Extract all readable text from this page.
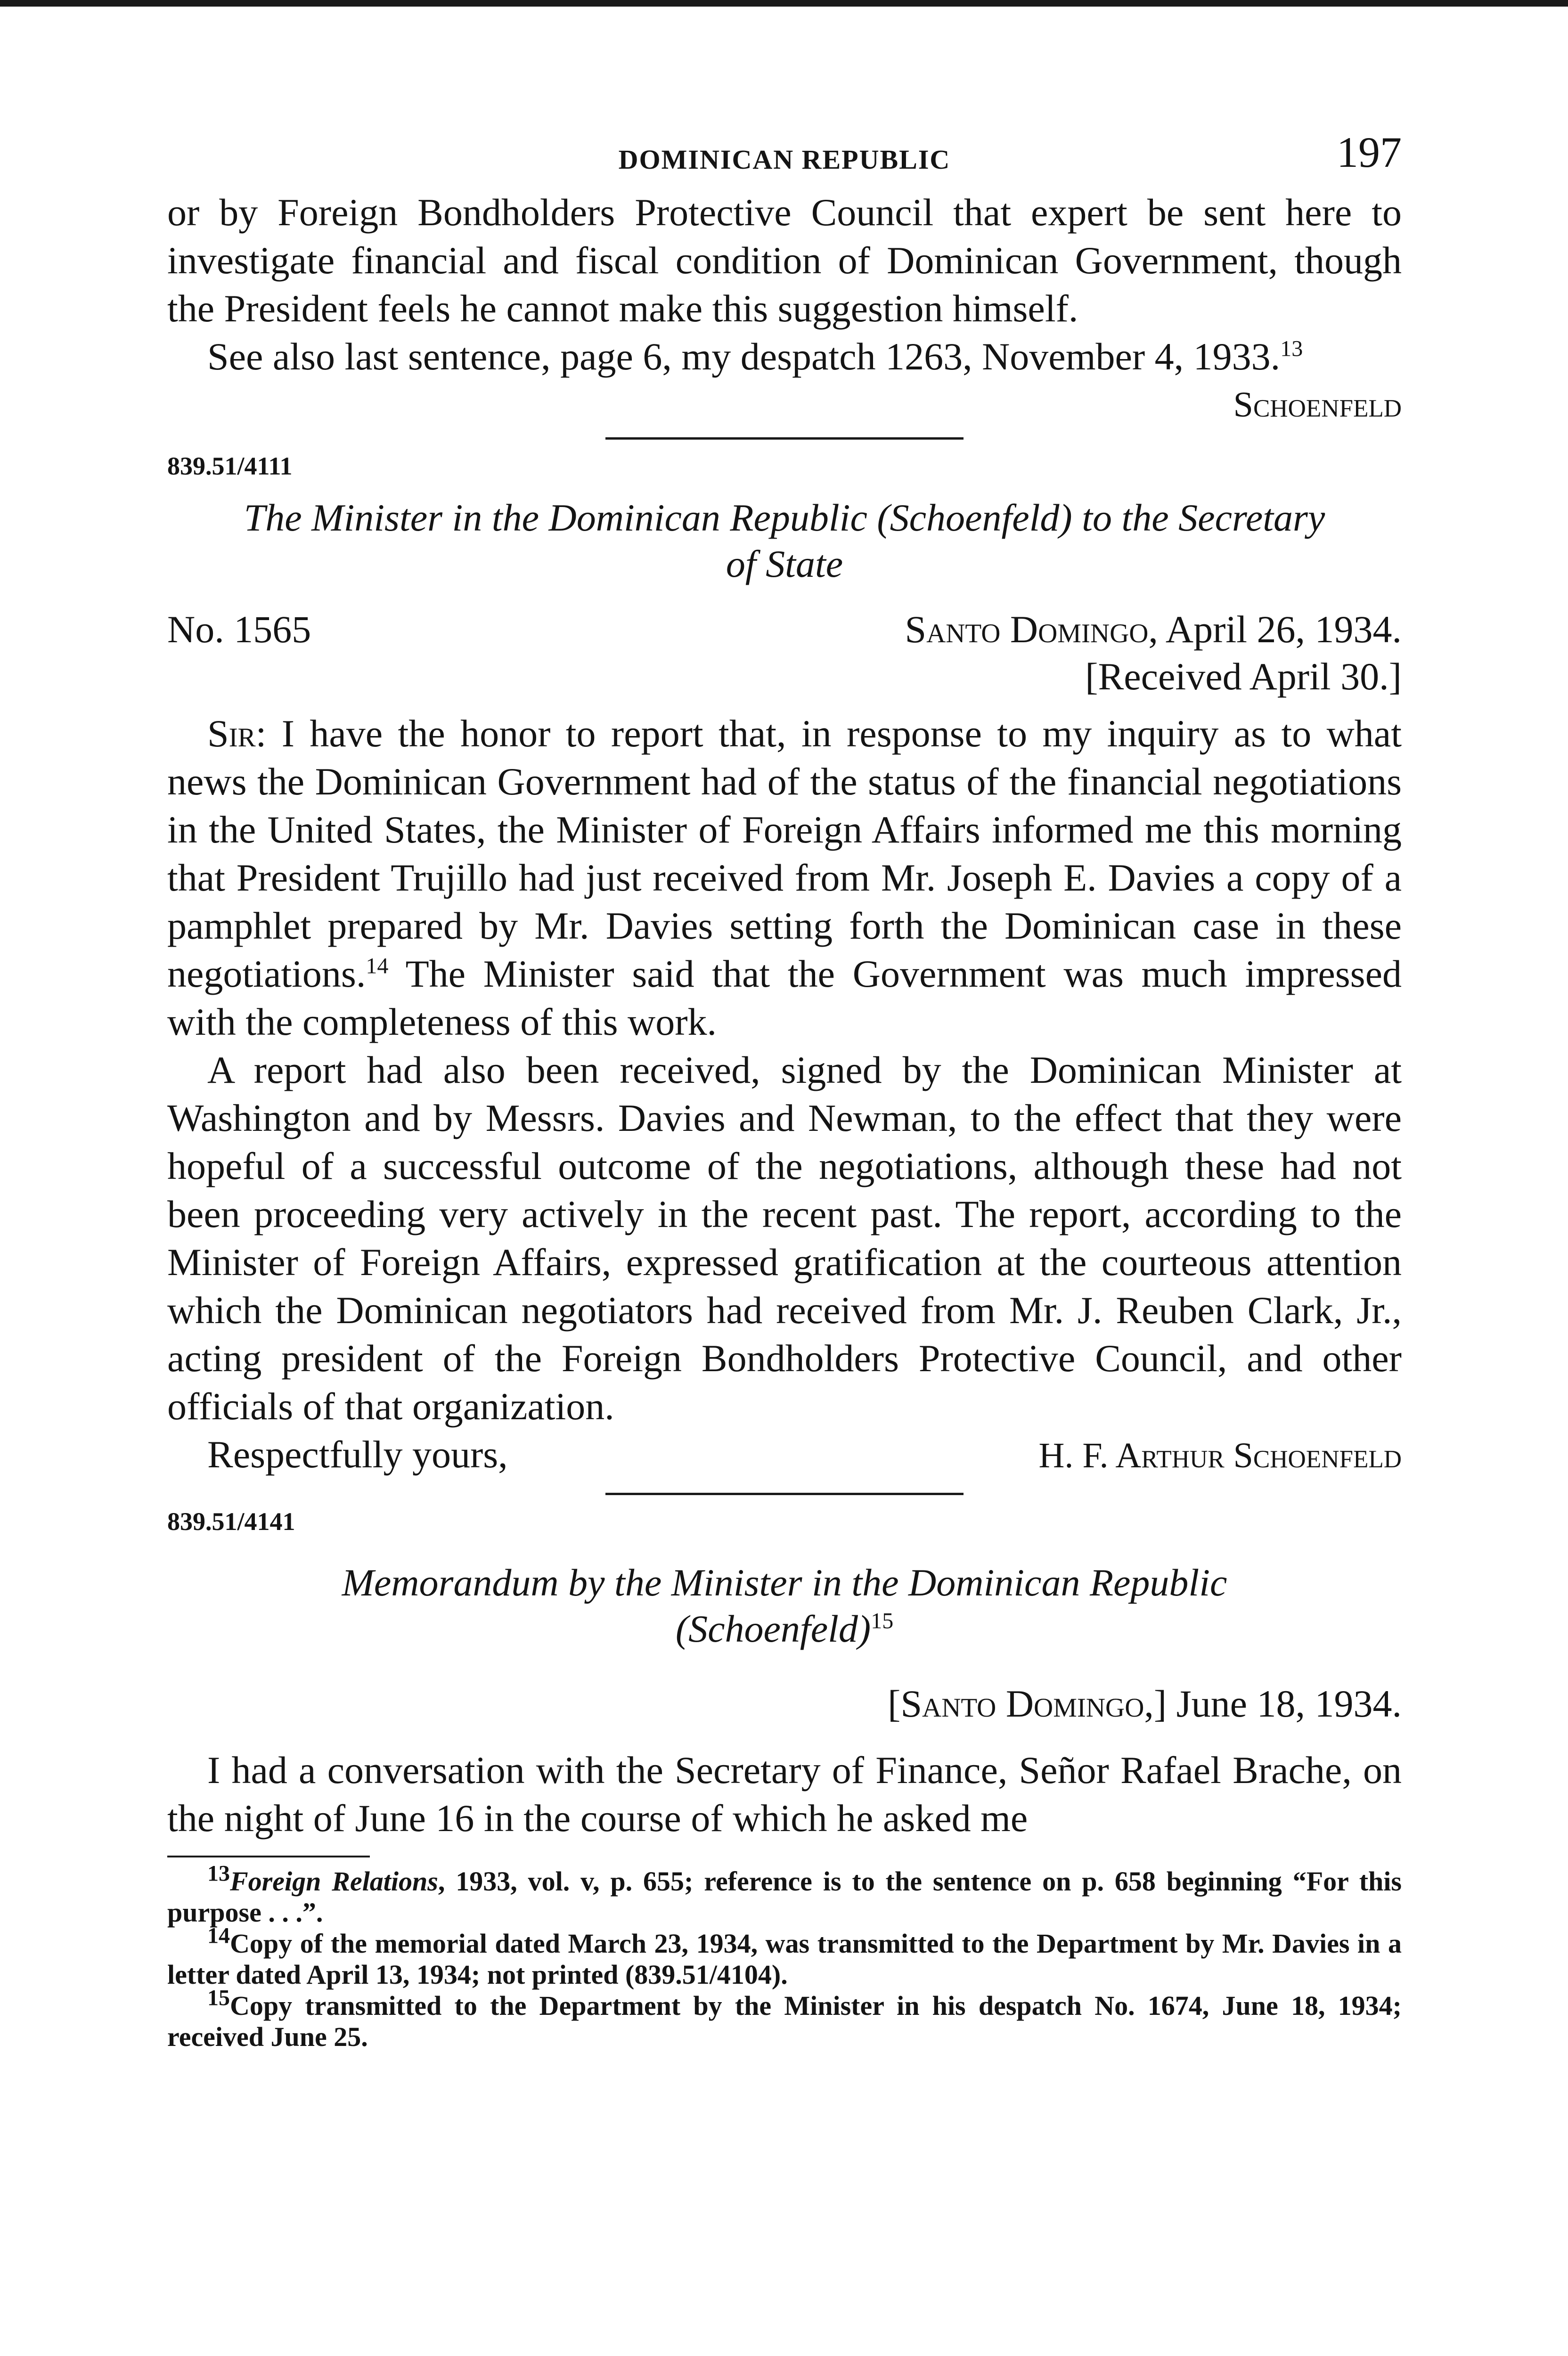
DOMINICAN REPUBLIC	197

or by Foreign Bondholders Protective Council that expert be sent here to investigate financial and fiscal condition of Dominican Government, though the President feels he cannot make this suggestion himself.

See also last sentence, page 6, my despatch 1263, November 4, 1933.13

Schoenfeld

839.51/4111

The Minister in the Dominican Republic (Schoenfeld) to the Secretary
of State

No. 1565	Santo Domingo, April 26, 1934.
[Received April 30.]

Sir: I have the honor to report that, in response to my inquiry as to what news the Dominican Government had of the status of the financial negotiations in the United States, the Minister of Foreign Affairs informed me this morning that President Trujillo had just received from Mr. Joseph E. Davies a copy of a pamphlet prepared by Mr. Davies setting forth the Dominican case in these negotiations.$^{14}$ The Minister said that the Government was much impressed with the completeness of this work.

A report had also been received, signed by the Dominican Minister at Washington and by Messrs. Davies and Newman, to the effect that they were hopeful of a successful outcome of the negotiations, although these had not been proceeding very actively in the recent past. The report, according to the Minister of Foreign Affairs, expressed gratification at the courteous attention which the Dominican negotiators had received from Mr. J. Reuben Clark, Jr., acting president of the Foreign Bondholders Protective Council, and other officials of that organization.

Respectfully yours,	H. F. Arthur Schoenfeld
839.51/4141

Memorandum by the Minister in the Dominican Republic
(Schoenfeld)$^{15}$

[Santo Domingo,] June 18, 1934.

I had a conversation with the Secretary of Finance, Señor Rafael Brache, on the night of June 16 in the course of which he asked me

$^{13}$Foreign Relations, 1933, vol. v, p. 655; reference is to the sentence on p. 658 beginning “For this purpose . . .”.
$^{14}$Copy of the memorial dated March 23, 1934, was transmitted to the Department by Mr. Davies in a letter dated April 13, 1934; not printed (839.51/4104).
$^{15}$Copy transmitted to the Department by the Minister in his despatch No. 1674, June 18, 1934; received June 25.
